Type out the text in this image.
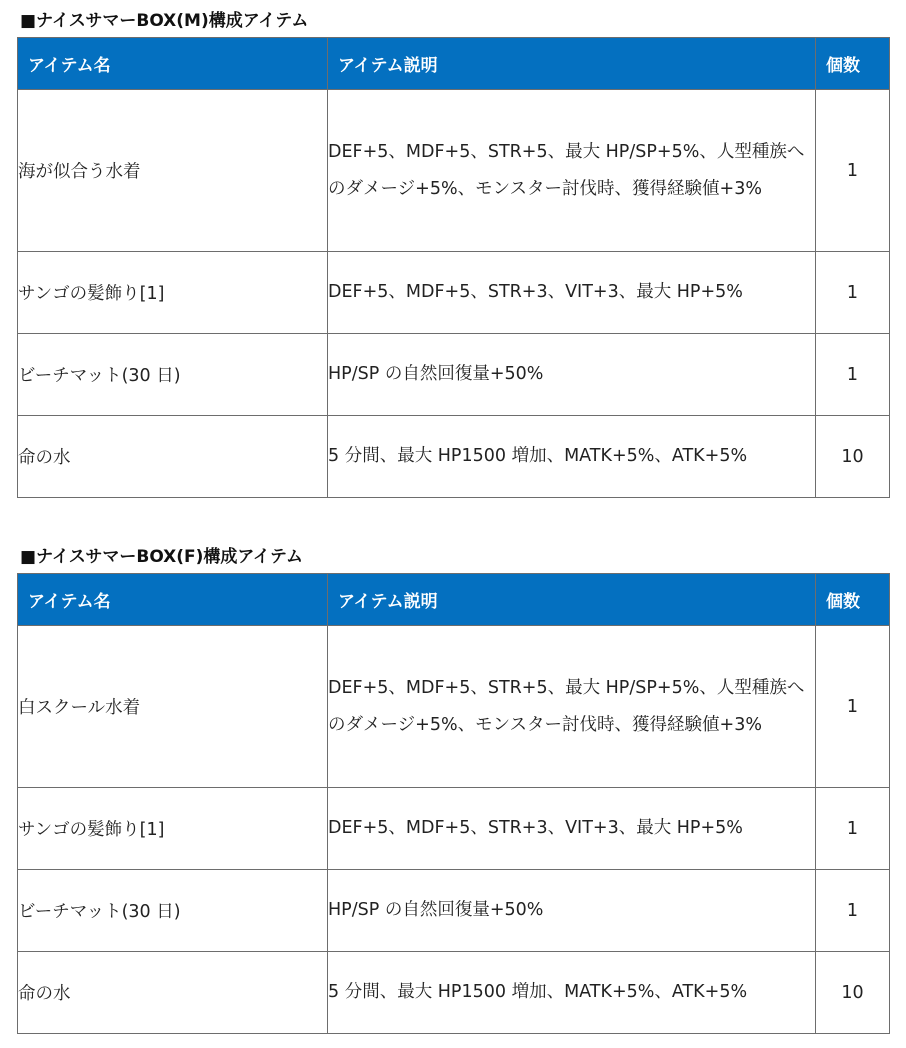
■ナイスサマーBOX(M)構成アイテム
アイテム名	アイテム説明	個数
海が似合う水着	DEF+5、MDF+5、STR+5、最大 HP/SP+5%、人型種族へのダメージ+5%、モンスター討伐時、獲得経験値+3%	1
サンゴの髪飾り[1]	DEF+5、MDF+5、STR+3、VIT+3、最大 HP+5%	1
ビーチマット(30 日)	HP/SP の自然回復量+50%	1
命の水	5 分間、最大 HP1500 増加、MATK+5%、ATK+5%	10
■ナイスサマーBOX(F)構成アイテム
アイテム名	アイテム説明	個数
白スクール水着	DEF+5、MDF+5、STR+5、最大 HP/SP+5%、人型種族へのダメージ+5%、モンスター討伐時、獲得経験値+3%	1
サンゴの髪飾り[1]	DEF+5、MDF+5、STR+3、VIT+3、最大 HP+5%	1
ビーチマット(30 日)	HP/SP の自然回復量+50%	1
命の水	5 分間、最大 HP1500 増加、MATK+5%、ATK+5%	10
